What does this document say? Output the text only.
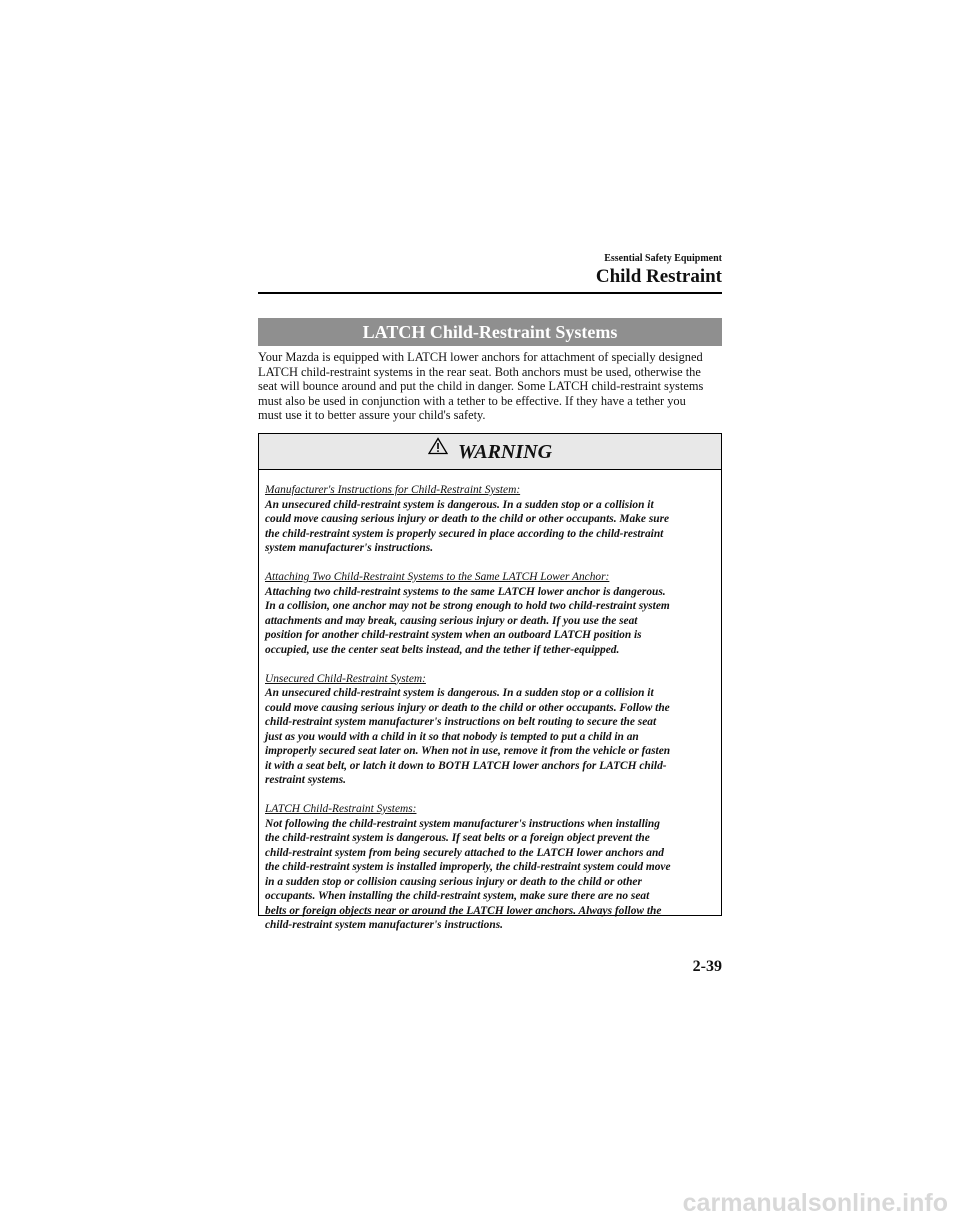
Essential Safety Equipment
Child Restraint
LATCH Child-Restraint Systems

Your Mazda is equipped with LATCH lower anchors for attachment of specially designed
LATCH child-restraint systems in the rear seat. Both anchors must be used, otherwise the
seat will bounce around and put the child in danger. Some LATCH child-restraint systems
must also be used in conjunction with a tether to be effective. If they have a tether you
must use it to better assure your child's safety.

WARNING
Manufacturer's Instructions for Child-Restraint System:
An unsecured child-restraint system is dangerous. In a sudden stop or a collision it
could move causing serious injury or death to the child or other occupants. Make sure
the child-restraint system is properly secured in place according to the child-restraint
system manufacturer's instructions.
Attaching Two Child-Restraint Systems to the Same LATCH Lower Anchor:
Attaching two child-restraint systems to the same LATCH lower anchor is dangerous.
In a collision, one anchor may not be strong enough to hold two child-restraint system
attachments and may break, causing serious injury or death. If you use the seat
position for another child-restraint system when an outboard LATCH position is
occupied, use the center seat belts instead, and the tether if tether-equipped.
Unsecured Child-Restraint System:
An unsecured child-restraint system is dangerous. In a sudden stop or a collision it
could move causing serious injury or death to the child or other occupants. Follow the
child-restraint system manufacturer's instructions on belt routing to secure the seat
just as you would with a child in it so that nobody is tempted to put a child in an
improperly secured seat later on. When not in use, remove it from the vehicle or fasten
it with a seat belt, or latch it down to BOTH LATCH lower anchors for LATCH child-
restraint systems.
LATCH Child-Restraint Systems:
Not following the child-restraint system manufacturer's instructions when installing
the child-restraint system is dangerous. If seat belts or a foreign object prevent the
child-restraint system from being securely attached to the LATCH lower anchors and
the child-restraint system is installed improperly, the child-restraint system could move
in a sudden stop or collision causing serious injury or death to the child or other
occupants. When installing the child-restraint system, make sure there are no seat
belts or foreign objects near or around the LATCH lower anchors. Always follow the
child-restraint system manufacturer's instructions.
2-39
carmanualsonline.info
